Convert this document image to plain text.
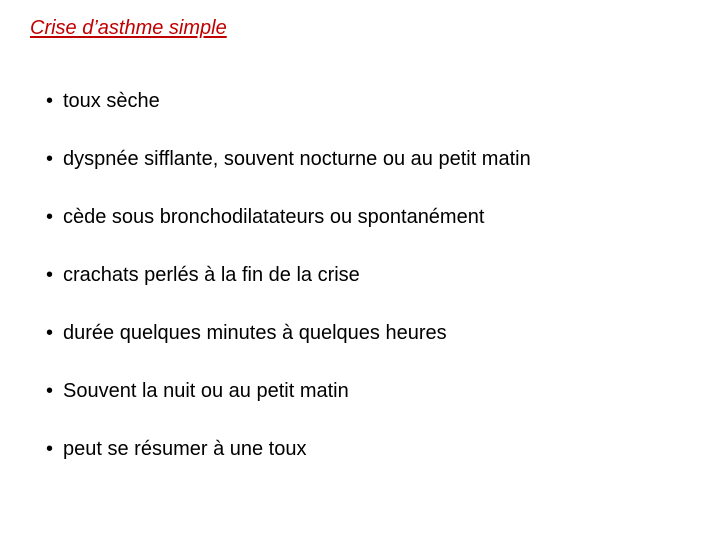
Crise d’asthme simple
• toux sèche
• dyspnée sifflante, souvent nocturne ou au petit matin
• cède sous bronchodilatateurs ou spontanément
• crachats perlés à la fin de la crise
• durée quelques minutes à quelques heures
• Souvent la nuit ou au petit matin
• peut se résumer à une toux
